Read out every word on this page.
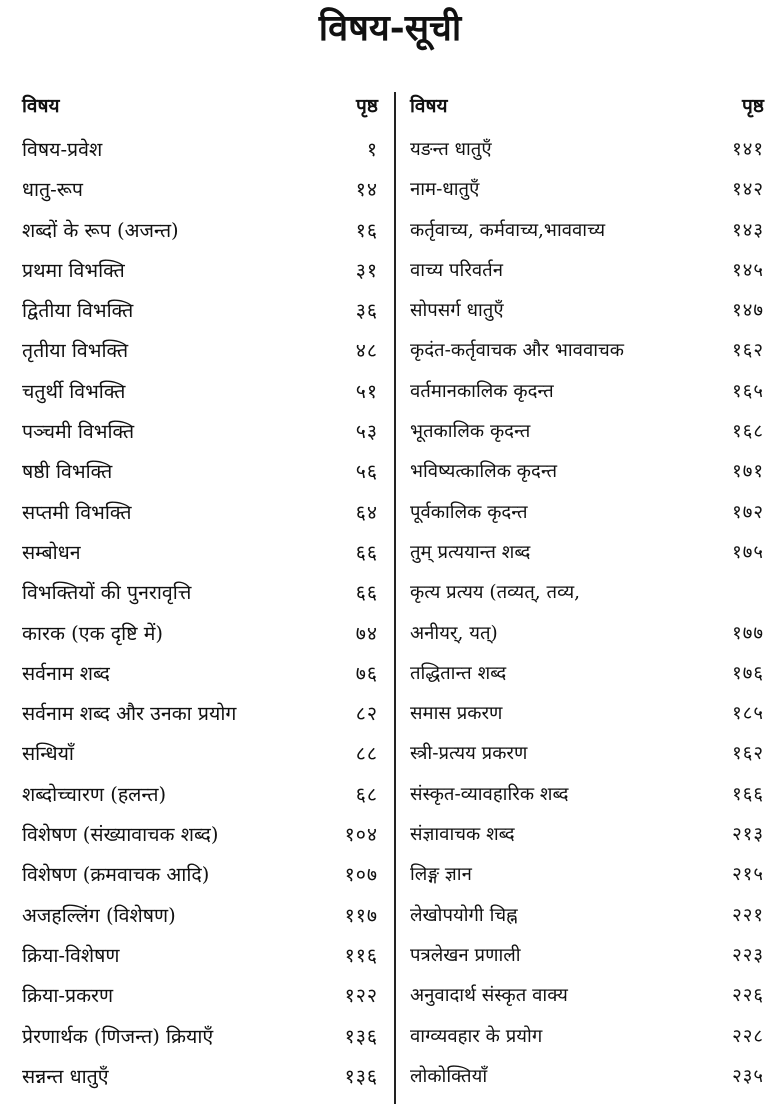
विषय-सूची
विषय	पृष्ठ
विषय-प्रवेश	१
धातु-रूप	१४
शब्दों के रूप (अजन्त)	१६
प्रथमा विभक्ति	३१
द्वितीया विभक्ति	३६
तृतीया विभक्ति	४८
चतुर्थी विभक्ति	५१
पञ्चमी विभक्ति	५३
षष्ठी विभक्ति	५६
सप्तमी विभक्ति	६४
सम्बोधन	६६
विभक्तियों की पुनरावृत्ति	६६
कारक (एक दृष्टि में)	७४
सर्वनाम शब्द	७६
सर्वनाम शब्द और उनका प्रयोग	८२
सन्धियाँ	८८
शब्दोच्चारण (हलन्त)	६८
विशेषण (संख्यावाचक शब्द)	१०४
विशेषण (क्रमवाचक आदि)	१०७
अजहल्लिंग (विशेषण)	११७
क्रिया-विशेषण	११६
क्रिया-प्रकरण	१२२
प्रेरणार्थक (णिजन्त) क्रियाएँ	१३६
सन्नन्त धातुएँ	१३६
विषय	पृष्ठ
यङन्त धातुएँ	१४१
नाम-धातुएँ	१४२
कर्तृवाच्य, कर्मवाच्य,भाववाच्य	१४३
वाच्य परिवर्तन	१४५
सोपसर्ग धातुएँ	१४७
कृदंत-कर्तृवाचक और भाववाचक	१६२
वर्तमानकालिक कृदन्त	१६५
भूतकालिक कृदन्त	१६८
भविष्यत्कालिक कृदन्त	१७१
पूर्वकालिक कृदन्त	१७२
तुम् प्रत्ययान्त शब्द	१७५
कृत्य प्रत्यय (तव्यत्, तव्य,
अनीयर्, यत्)	१७७
तद्धितान्त शब्द	१७६
समास प्रकरण	१८५
स्त्री-प्रत्यय प्रकरण	१६२
संस्कृत-व्यावहारिक शब्द	१६६
संज्ञावाचक शब्द	२१३
लिङ्ग ज्ञान	२१५
लेखोपयोगी चिह्न	२२१
पत्रलेखन प्रणाली	२२३
अनुवादार्थ संस्कृत वाक्य	२२६
वाग्व्यवहार के प्रयोग	२२८
लोकोक्तियाँ	२३५
